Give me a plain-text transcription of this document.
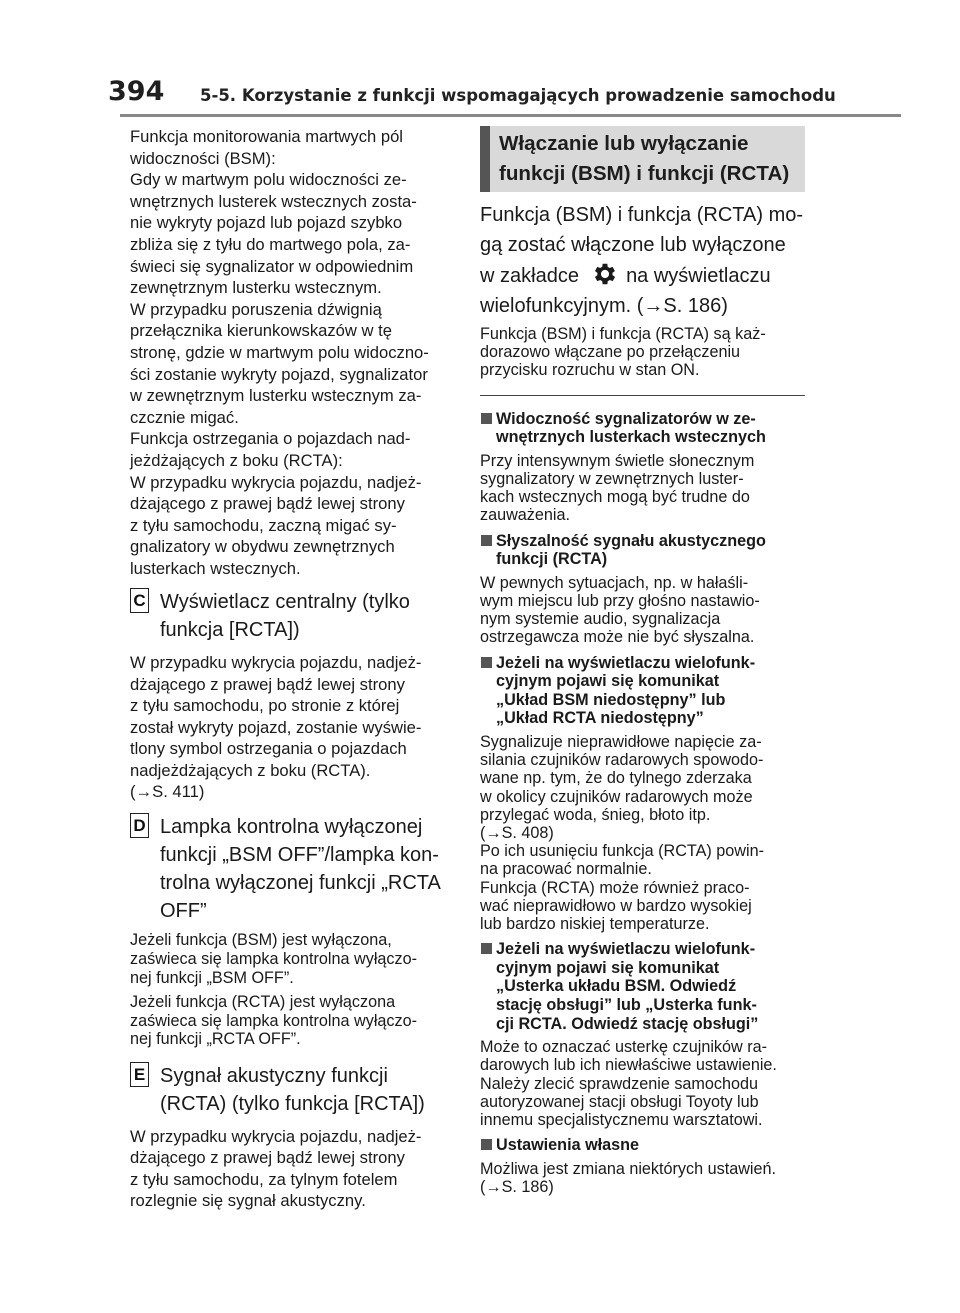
394 5-5. Korzystanie z funkcji wspomagających prowadzenie samochodu

Funkcja monitorowania martwych pól
widoczności (BSM):
Gdy w martwym polu widoczności ze-
wnętrznych lusterek wstecznych zosta-
nie wykryty pojazd lub pojazd szybko
zbliża się z tyłu do martwego pola, za-
świeci się sygnalizator w odpowiednim
zewnętrznym lusterku wstecznym.
W przypadku poruszenia dźwignią
przełącznika kierunkowskazów w tę
stronę, gdzie w martwym polu widoczno-
ści zostanie wykryty pojazd, sygnalizator
w zewnętrznym lusterku wstecznym za-
czcznie migać.
Funkcja ostrzegania o pojazdach nad-
jeżdżających z boku (RCTA):
W przypadku wykrycia pojazdu, nadjeż-
dżającego z prawej bądź lewej strony
z tyłu samochodu, zaczną migać sy-
gnalizatory w obydwu zewnętrznych
lusterkach wstecznych.

C Wyświetlacz centralny (tylko
funkcja [RCTA])

W przypadku wykrycia pojazdu, nadjeż-
dżającego z prawej bądź lewej strony
z tyłu samochodu, po stronie z której
został wykryty pojazd, zostanie wyświe-
tlony symbol ostrzegania o pojazdach
nadjeżdżających z boku (RCTA).
(→S. 411)

D Lampka kontrolna wyłączonej
funkcji „BSM OFF”/lampka kon-
trolna wyłączonej funkcji „RCTA
OFF”

Jeżeli funkcja (BSM) jest wyłączona,
zaświeca się lampka kontrolna wyłączo-
nej funkcji „BSM OFF”.

Jeżeli funkcja (RCTA) jest wyłączona
zaświeca się lampka kontrolna wyłączo-
nej funkcji „RCTA OFF”.

E Sygnał akustyczny funkcji
(RCTA) (tylko funkcja [RCTA])

W przypadku wykrycia pojazdu, nadjeż-
dżającego z prawej bądź lewej strony
z tyłu samochodu, za tylnym fotelem
rozlegnie się sygnał akustyczny.

Włączanie lub wyłączanie
funkcji (BSM) i funkcji (RCTA)
Funkcja (BSM) i funkcja (RCTA) mo-
gą zostać włączone lub wyłączone
w zakładce na wyświetlaczu
wielofunkcyjnym. (→S. 186)

Funkcja (BSM) i funkcja (RCTA) są każ-
dorazowo włączane po przełączeniu
przycisku rozruchu w stan ON.

Widoczność sygnalizatorów w ze-
wnętrznych lusterkach wstecznych

Przy intensywnym świetle słonecznym
sygnalizatory w zewnętrznych luster-
kach wstecznych mogą być trudne do
zauważenia.

Słyszalność sygnału akustycznego
funkcji (RCTA)

W pewnych sytuacjach, np. w hałaśli-
wym miejscu lub przy głośno nastawio-
nym systemie audio, sygnalizacja
ostrzegawcza może nie być słyszalna.

Jeżeli na wyświetlaczu wielofunk-
cyjnym pojawi się komunikat
„Układ BSM niedostępny” lub
„Układ RCTA niedostępny”

Sygnalizuje nieprawidłowe napięcie za-
silania czujników radarowych spowodo-
wane np. tym, że do tylnego zderzaka
w okolicy czujników radarowych może
przylegać woda, śnieg, błoto itp.
(→S. 408)
Po ich usunięciu funkcja (RCTA) powin-
na pracować normalnie.
Funkcja (RCTA) może również praco-
wać nieprawidłowo w bardzo wysokiej
lub bardzo niskiej temperaturze.

Jeżeli na wyświetlaczu wielofunk-
cyjnym pojawi się komunikat
„Usterka układu BSM. Odwiedź
stację obsługi” lub „Usterka funk-
cji RCTA. Odwiedź stację obsługi”

Może to oznaczać usterkę czujników ra-
darowych lub ich niewłaściwe ustawienie.
Należy zlecić sprawdzenie samochodu
autoryzowanej stacji obsługi Toyoty lub
innemu specjalistycznemu warsztatowi.

Ustawienia własne

Możliwa jest zmiana niektórych ustawień.
(→S. 186)
